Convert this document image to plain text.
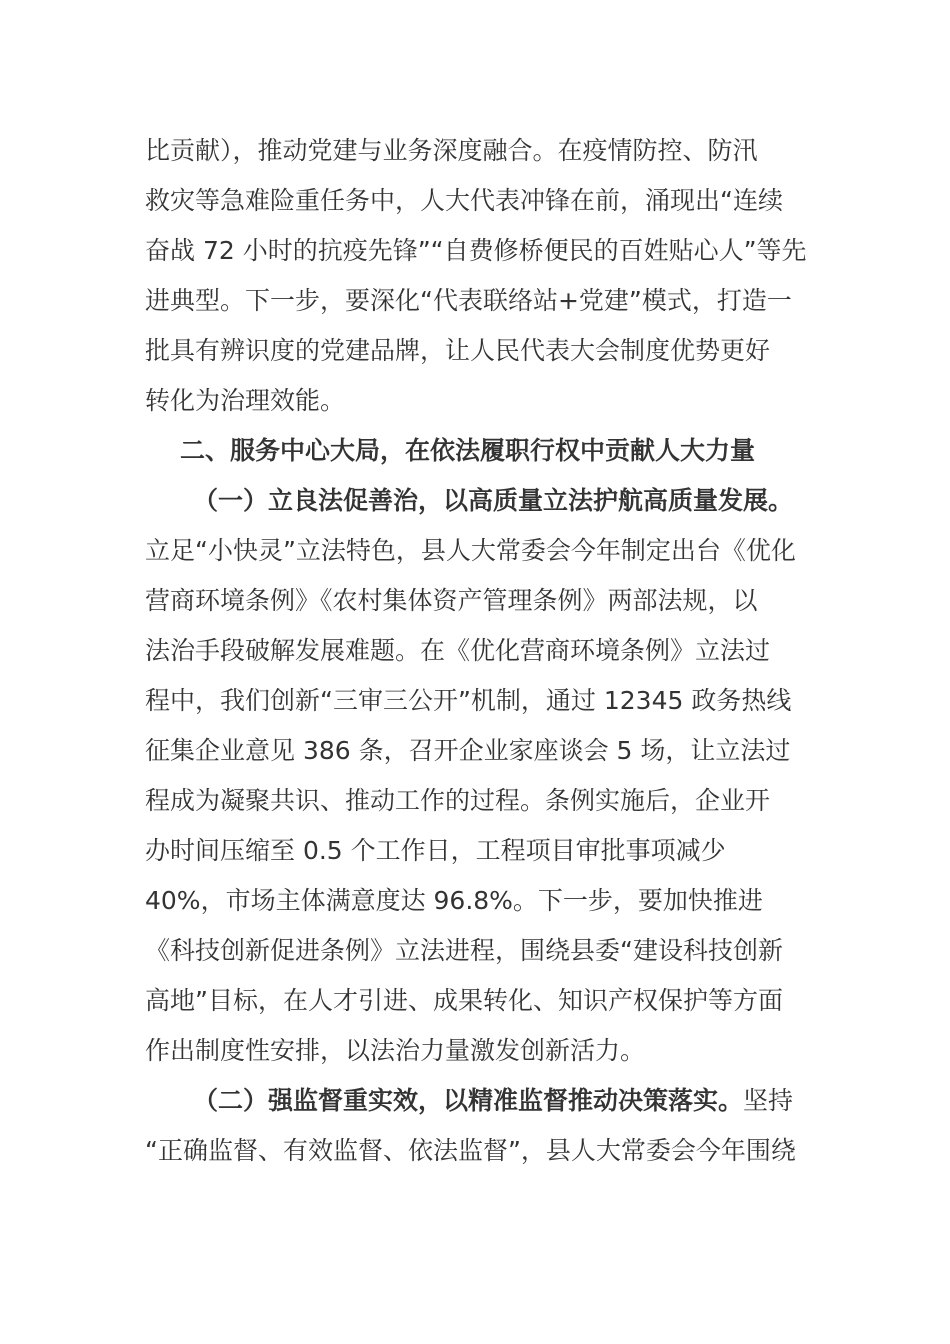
比贡献），推动党建与业务深度融合。在疫情防控、防汛
救灾等急难险重任务中，人大代表冲锋在前，涌现出“连续
奋战 72 小时的抗疫先锋”“自费修桥便民的百姓贴心人”等先
进典型。下一步，要深化“代表联络站+党建”模式，打造一
批具有辨识度的党建品牌，让人民代表大会制度优势更好
转化为治理效能。
二、服务中心大局，在依法履职行权中贡献人大力量
（一）立良法促善治，以高质量立法护航高质量发展。
立足“小快灵”立法特色，县人大常委会今年制定出台《优化
营商环境条例》《农村集体资产管理条例》两部法规，以
法治手段破解发展难题。在《优化营商环境条例》立法过
程中，我们创新“三审三公开”机制，通过 12345 政务热线
征集企业意见 386 条，召开企业家座谈会 5 场，让立法过
程成为凝聚共识、推动工作的过程。条例实施后，企业开
办时间压缩至 0.5 个工作日，工程项目审批事项减少
40%，市场主体满意度达 96.8%。下一步，要加快推进
《科技创新促进条例》立法进程，围绕县委“建设科技创新
高地”目标，在人才引进、成果转化、知识产权保护等方面
作出制度性安排，以法治力量激发创新活力。
（二）强监督重实效，以精准监督推动决策落实。坚持
“正确监督、有效监督、依法监督”，县人大常委会今年围绕
